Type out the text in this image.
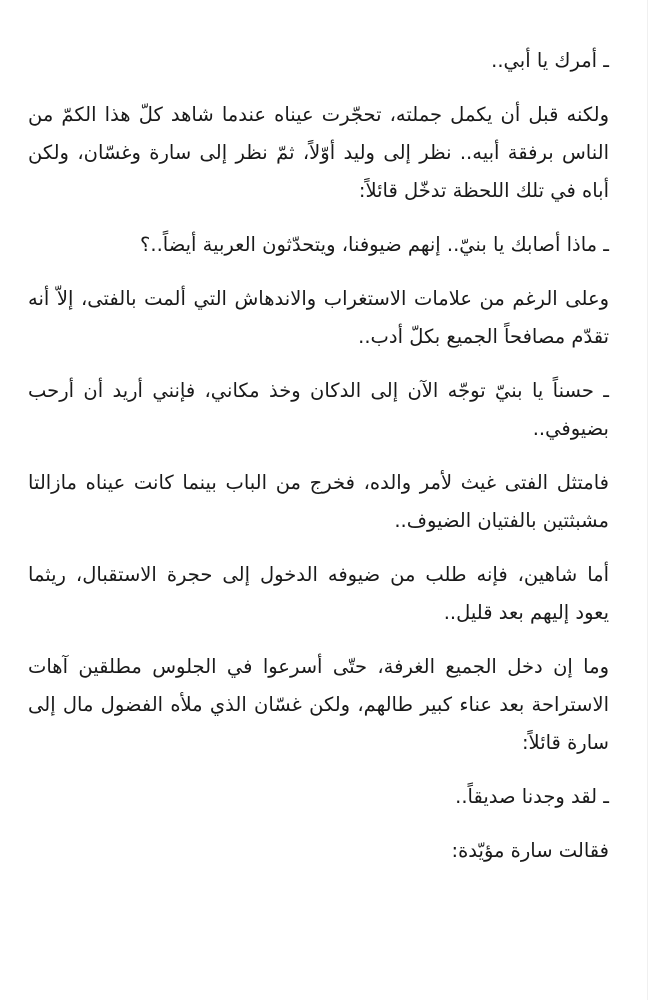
ـ أمرك يا أبي..

ولكنه قبل أن يكمل جملته، تحجّرت عيناه عندما شاهد كلّ هذا الكمّ من الناس برفقة أبيه.. نظر إلى وليد أوّلاً، ثمّ نظر إلى سارة وغسّان، ولكن أباه في تلك اللحظة تدخّل قائلاً:

ـ ماذا أصابك يا بنيّ.. إنهم ضيوفنا، ويتحدّثون العربية أيضاً..؟

وعلى الرغم من علامات الاستغراب والاندهاش التي ألمت بالفتى، إلاّ أنه تقدّم مصافحاً الجميع بكلّ أدب..

ـ حسناً يا بنيّ توجّه الآن إلى الدكان وخذ مكاني، فإنني أريد أن أرحب بضيوفي..

فامتثل الفتى غيث لأمر والده، فخرج من الباب بينما كانت عيناه مازالتا مشبثتين بالفتيان الضيوف..

أما شاهين، فإنه طلب من ضيوفه الدخول إلى حجرة الاستقبال، ريثما يعود إليهم بعد قليل..

وما إن دخل الجميع الغرفة، حتّى أسرعوا في الجلوس مطلقين آهات الاستراحة بعد عناء كبير طالهم، ولكن غسّان الذي ملأه الفضول مال إلى سارة قائلاً:

ـ لقد وجدنا صديقاً..

فقالت سارة مؤيّدة:
